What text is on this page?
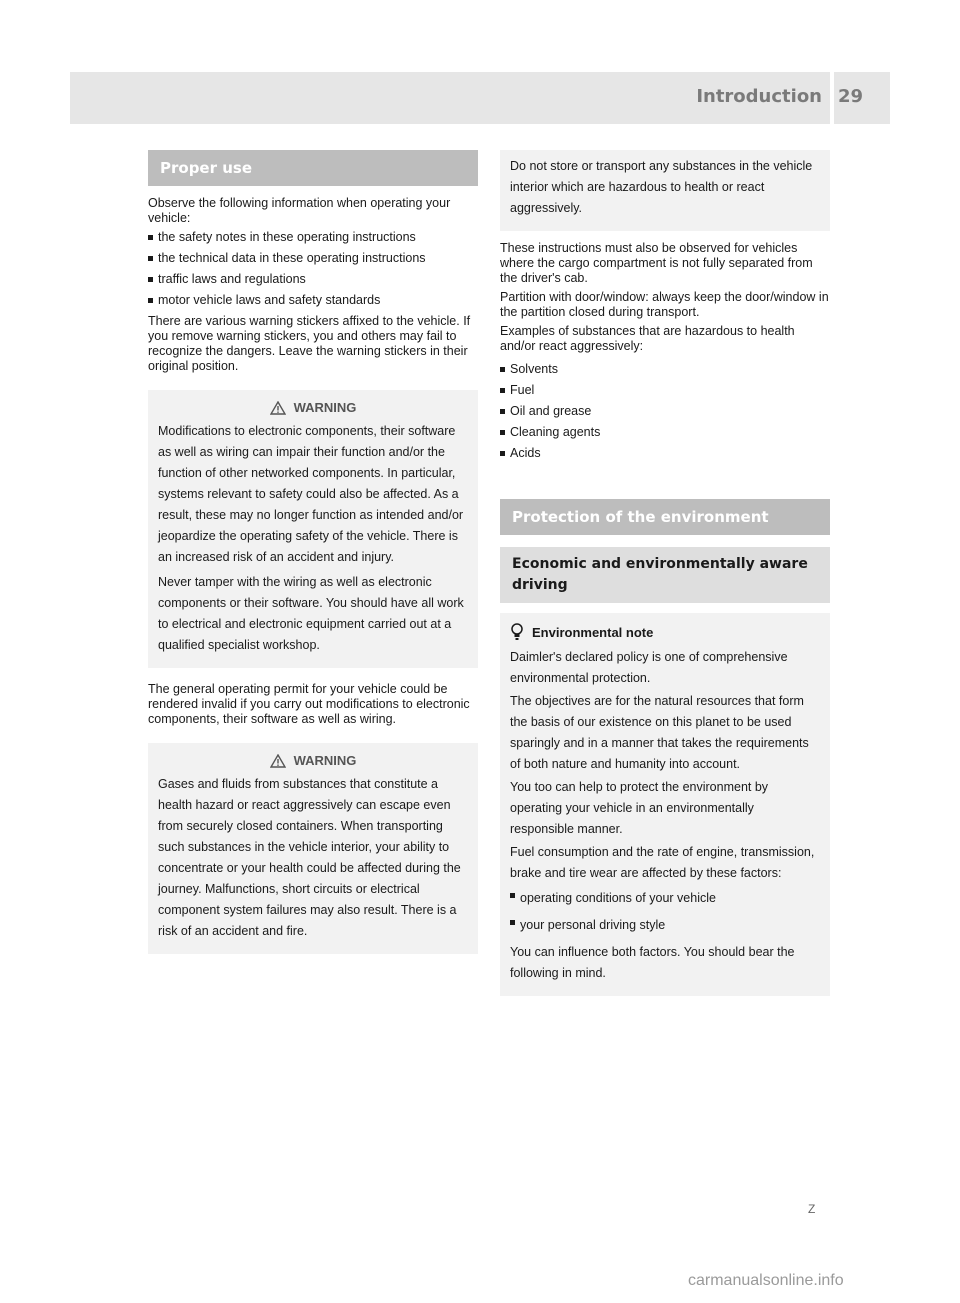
Introduction 29
Proper use

Observe the following information when operating your vehicle:

the safety notes in these operating instructions
the technical data in these operating instructions
traffic laws and regulations
motor vehicle laws and safety standards

There are various warning stickers affixed to the vehicle. If you remove warning stickers, you and others may fail to recognize the dangers. Leave the warning stickers in their original position.

WARNING

Modifications to electronic components, their software as well as wiring can impair their function and/or the function of other networked components. In particular, systems relevant to safety could also be affected. As a result, these may no longer function as intended and/or jeopardize the operating safety of the vehicle. There is an increased risk of an accident and injury.

Never tamper with the wiring as well as electronic components or their software. You should have all work to electrical and electronic equipment carried out at a qualified specialist workshop.

The general operating permit for your vehicle could be rendered invalid if you carry out modifications to electronic components, their software as well as wiring.

WARNING

Gases and fluids from substances that constitute a health hazard or react aggressively can escape even from securely closed containers. When transporting such substances in the vehicle interior, your ability to concentrate or your health could be affected during the journey. Malfunctions, short circuits or electrical component system failures may also result. There is a risk of an accident and fire.

Do not store or transport any substances in the vehicle interior which are hazardous to health or react aggressively.

These instructions must also be observed for vehicles where the cargo compartment is not fully separated from the driver's cab.

Partition with door/window: always keep the door/window in the partition closed during transport.

Examples of substances that are hazardous to health and/or react aggressively:

Solvents
Fuel
Oil and grease
Cleaning agents
Acids
Protection of the environment
Economic and environmentally aware driving
Environmental note

Daimler's declared policy is one of comprehensive environmental protection.

The objectives are for the natural resources that form the basis of our existence on this planet to be used sparingly and in a manner that takes the requirements of both nature and humanity into account.

You too can help to protect the environment by operating your vehicle in an environmentally responsible manner.

Fuel consumption and the rate of engine, transmission, brake and tire wear are affected by these factors:

operating conditions of your vehicle
your personal driving style

You can influence both factors. You should bear the following in mind.

Z
carmanualsonline.info
